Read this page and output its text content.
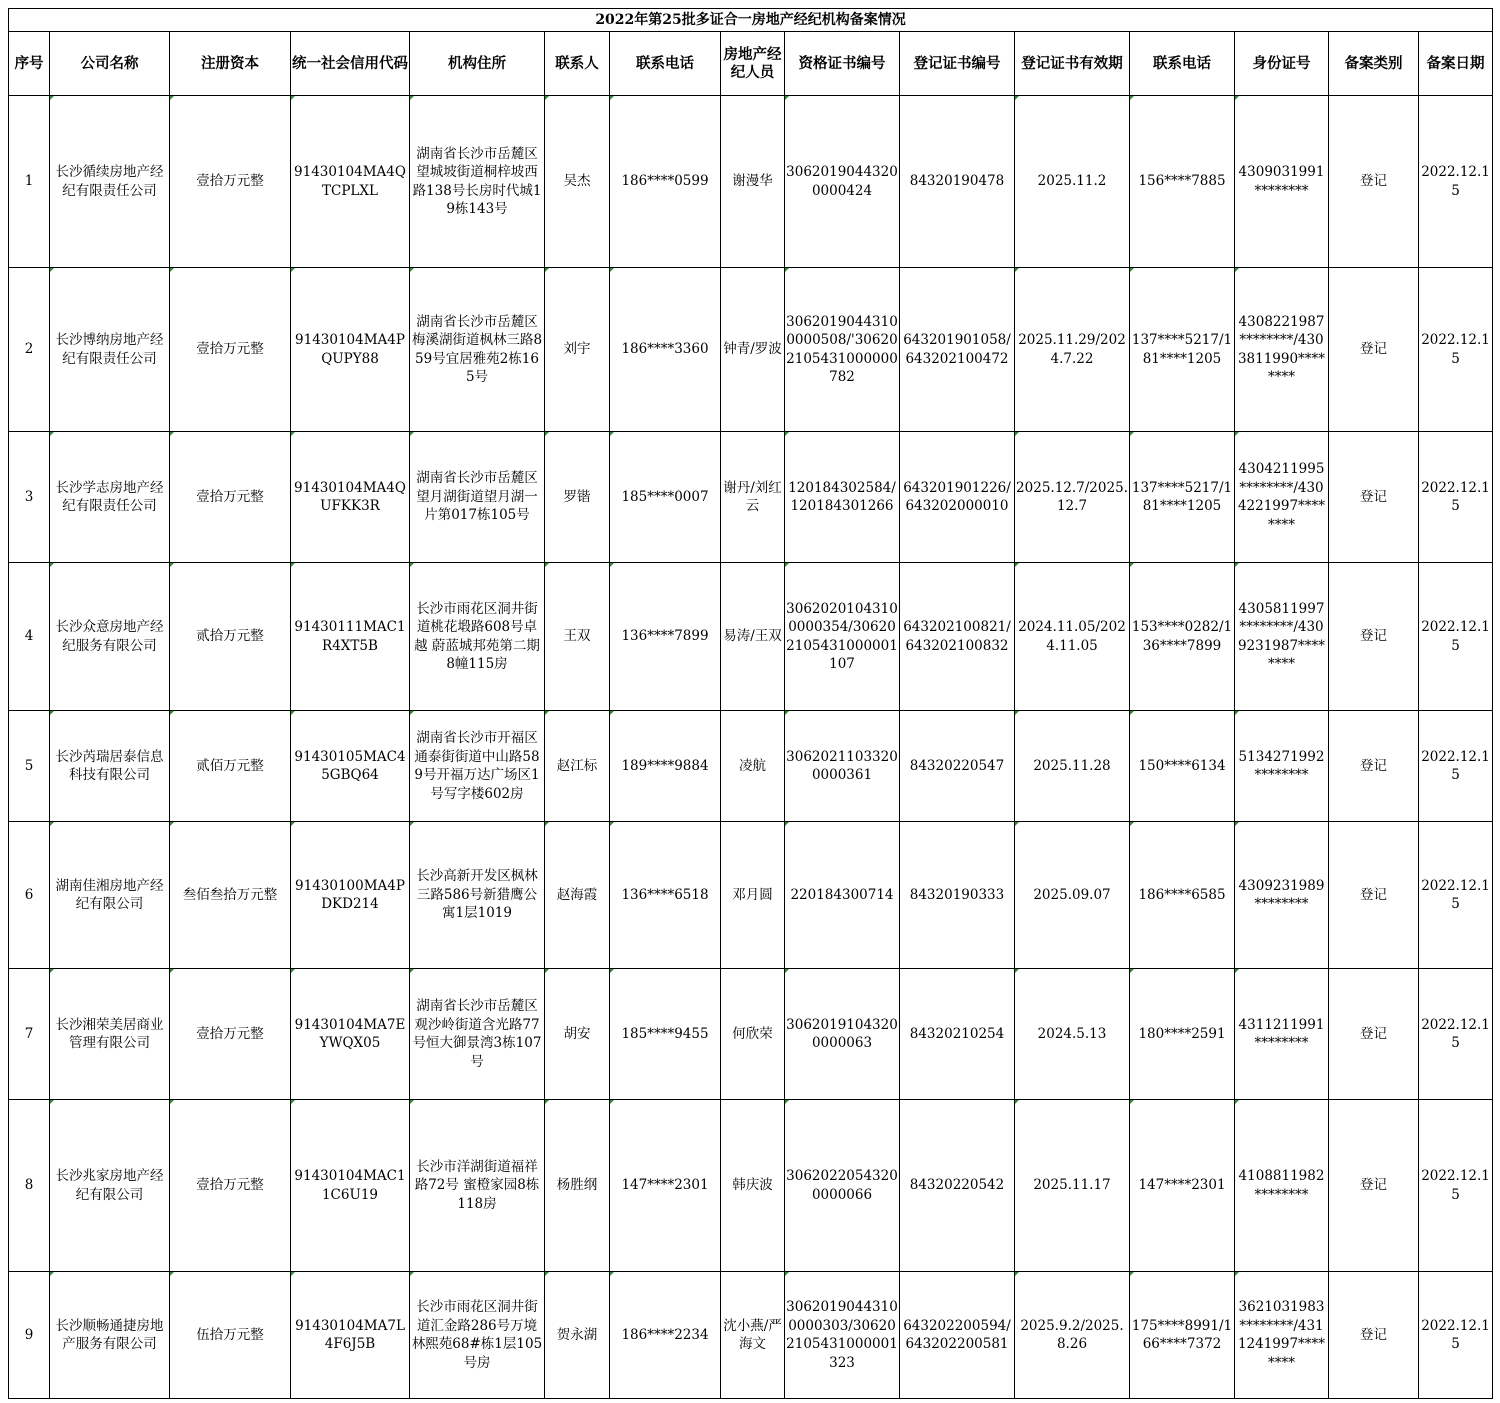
2022年第25批多证合一房地产经纪机构备案情况														
序号	公司名称	注册资本	统一社会信用代码	机构住所	联系人	联系电话	房地产经纪人员	资格证书编号	登记证书编号	登记证书有效期	联系电话	身份证号	备案类别	备案日期
1	长沙循续房地产经纪有限责任公司	壹拾万元整	91430104MA4QTCPLXL	湖南省长沙市岳麓区望城坡街道桐梓坡西路138号长房时代城19栋143号	吴杰	186****0599	谢漫华	30620190443200000424	84320190478	2025.11.2	156****7885	4309031991********	登记	2022.12.15
2	长沙博纳房地产经纪有限责任公司	壹拾万元整	91430104MA4PQUPY88	湖南省长沙市岳麓区梅溪湖街道枫林三路859号宜居雅苑2栋165号	刘宇	186****3360	钟青/罗波	30620190443100000508/'306202105431000000782	643201901058/643202100472	2025.11.29/2024.7.22	137****5217/181****1205	4308221987********/4303811990********	登记	2022.12.15
3	长沙学志房地产经纪有限责任公司	壹拾万元整	91430104MA4QUFKK3R	湖南省长沙市岳麓区望月湖街道望月湖一片第017栋105号	罗锴	185****0007	谢丹/刘红云	120184302584/120184301266	643201901226/643202000010	2025.12.7/2025.12.7	137****5217/181****1205	4304211995********/4304221997********	登记	2022.12.15
4	长沙众意房地产经纪服务有限公司	贰拾万元整	91430111MAC1R4XT5B	长沙市雨花区洞井街道桃花塅路608号卓越 蔚蓝城邦苑第二期8幢115房	王双	136****7899	易涛/王双	30620201043100000354/306202105431000001107	643202100821/643202100832	2024.11.05/2024.11.05	153****0282/136****7899	4305811997********/4309231987********	登记	2022.12.15
5	长沙芮瑞居泰信息科技有限公司	贰佰万元整	91430105MAC45GBQ64	湖南省长沙市开福区通泰街街道中山路589号开福万达广场区1号写字楼602房	赵江标	189****9884	凌航	30620211033200000361	84320220547	2025.11.28	150****6134	5134271992********	登记	2022.12.15
6	湖南佳湘房地产经纪有限公司	叁佰叁拾万元整	91430100MA4PDKD214	长沙高新开发区枫林三路586号新猎鹰公寓1层1019	赵海霞	136****6518	邓月圆	220184300714	84320190333	2025.09.07	186****6585	4309231989********	登记	2022.12.15
7	长沙湘荣美居商业管理有限公司	壹拾万元整	91430104MA7EYWQX05	湖南省长沙市岳麓区观沙岭街道含光路77号恒大御景湾3栋107号	胡安	185****9455	何欣荣	30620191043200000063	84320210254	2024.5.13	180****2591	4311211991********	登记	2022.12.15
8	长沙兆家房地产经纪有限公司	壹拾万元整	91430104MAC11C6U19	长沙市洋湖街道福祥路72号 蜜橙家园8栋118房	杨胜纲	147****2301	韩庆波	30620220543200000066	84320220542	2025.11.17	147****2301	4108811982********	登记	2022.12.15
9	长沙顺畅通捷房地产服务有限公司	伍拾万元整	91430104MA7L4F6J5B	长沙市雨花区洞井街道汇金路286号万境林熙苑68#栋1层105号房	贺永湖	186****2234	沈小燕/严海文	30620190443100000303/306202105431000001323	643202200594/643202200581	2025.9.2/2025.8.26	175****8991/166****7372	3621031983********/4311241997********	登记	2022.12.15
